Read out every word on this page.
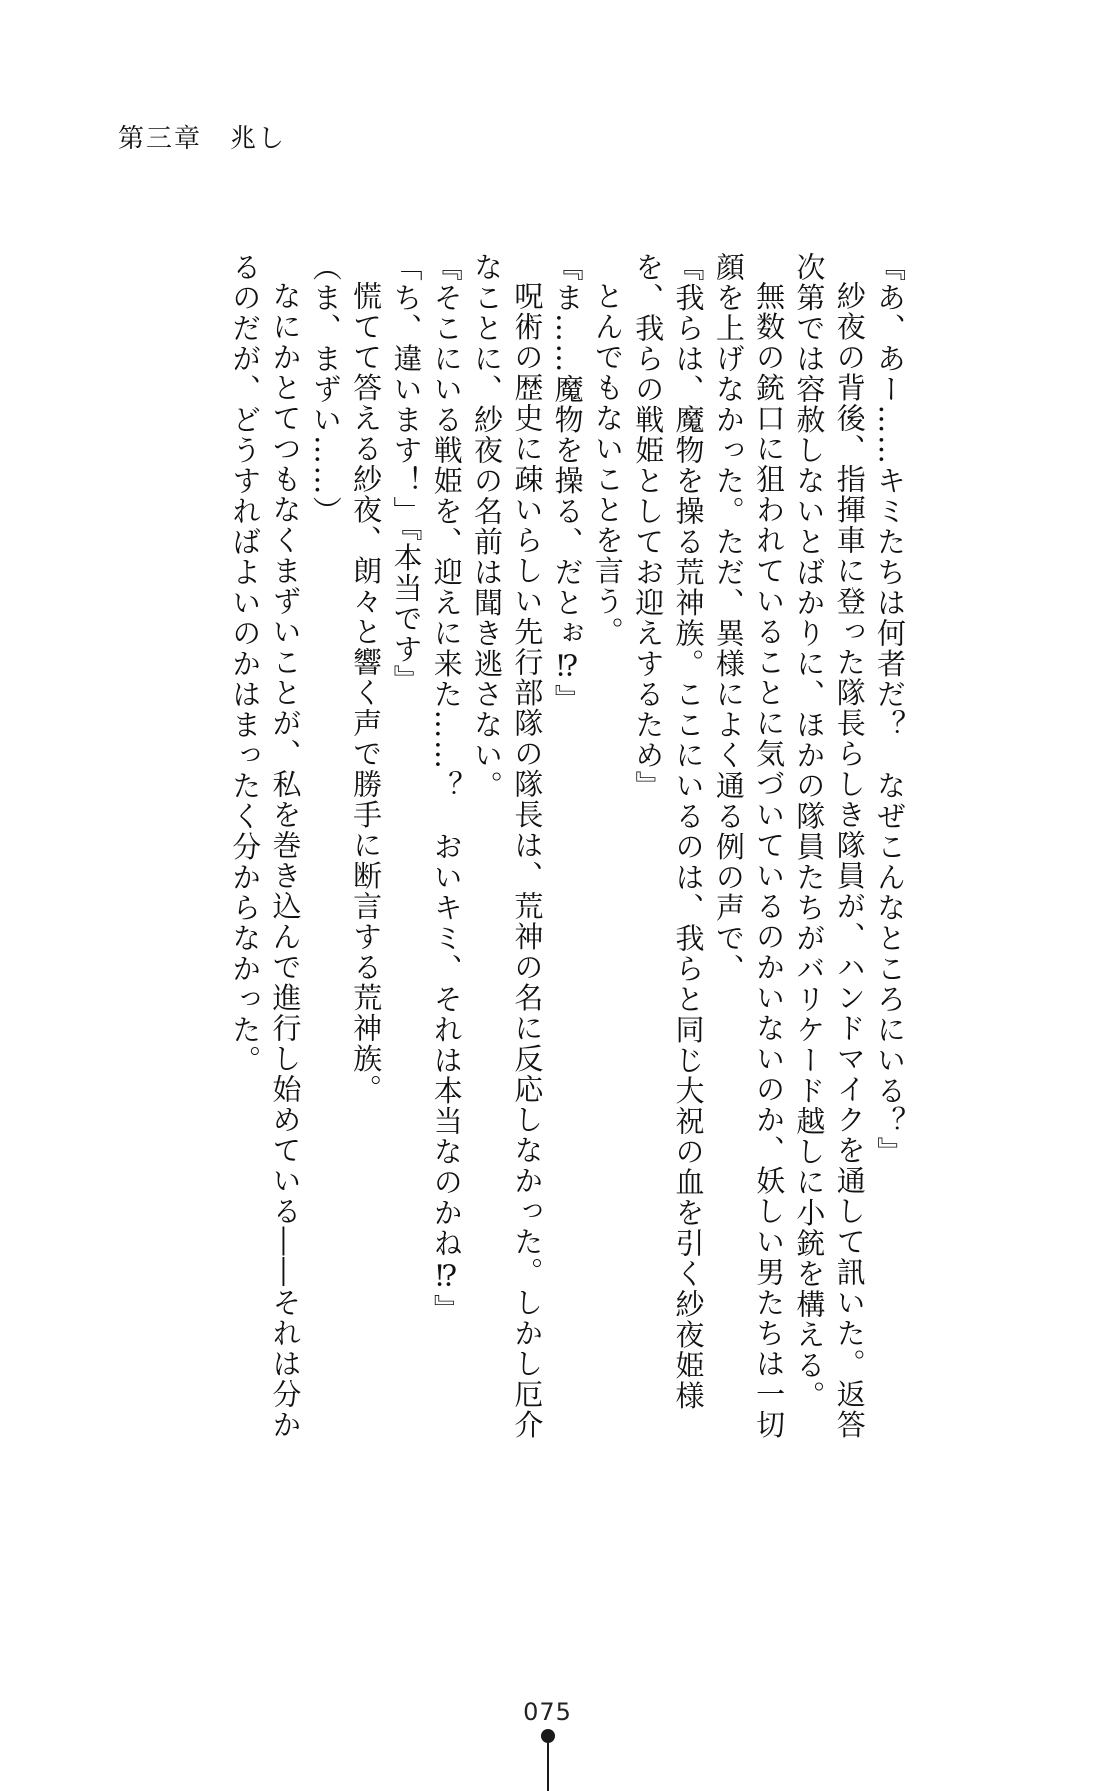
第三章　兆し

『あ、あー……キミたちは何者だ？　なぜこんなところにいる？』

紗夜の背後、指揮車に登った隊長らしき隊員が、ハンドマイクを通して訊いた。返答次第では容赦しないとばかりに、ほかの隊員たちがバリケード越しに小銃を構える。

無数の銃口に狙われていることに気づいているのかいないのか、妖しい男たちは一切顔を上げなかった。ただ、異様によく通る例の声で、

『我らは、魔物を操る荒神族。ここにいるのは、我らと同じ大祝の血を引く紗夜姫様を、我らの戦姫としてお迎えするため』

とんでもないことを言う。

『ま……魔物を操る、だとぉ⁉』

呪術の歴史に疎いらしい先行部隊の隊長は、荒神の名に反応しなかった。しかし厄介なことに、紗夜の名前は聞き逃さない。

『そこにいる戦姫を、迎えに来た……？　おいキミ、それは本当なのかね⁉』

「ち、違います！」『本当です』

慌てて答える紗夜、朗々と響く声で勝手に断言する荒神族。

（ま、まずい……）

なにかとてつもなくまずいことが、私を巻き込んで進行し始めている――それは分かるのだが、どうすればよいのかはまったく分からなかった。

075
